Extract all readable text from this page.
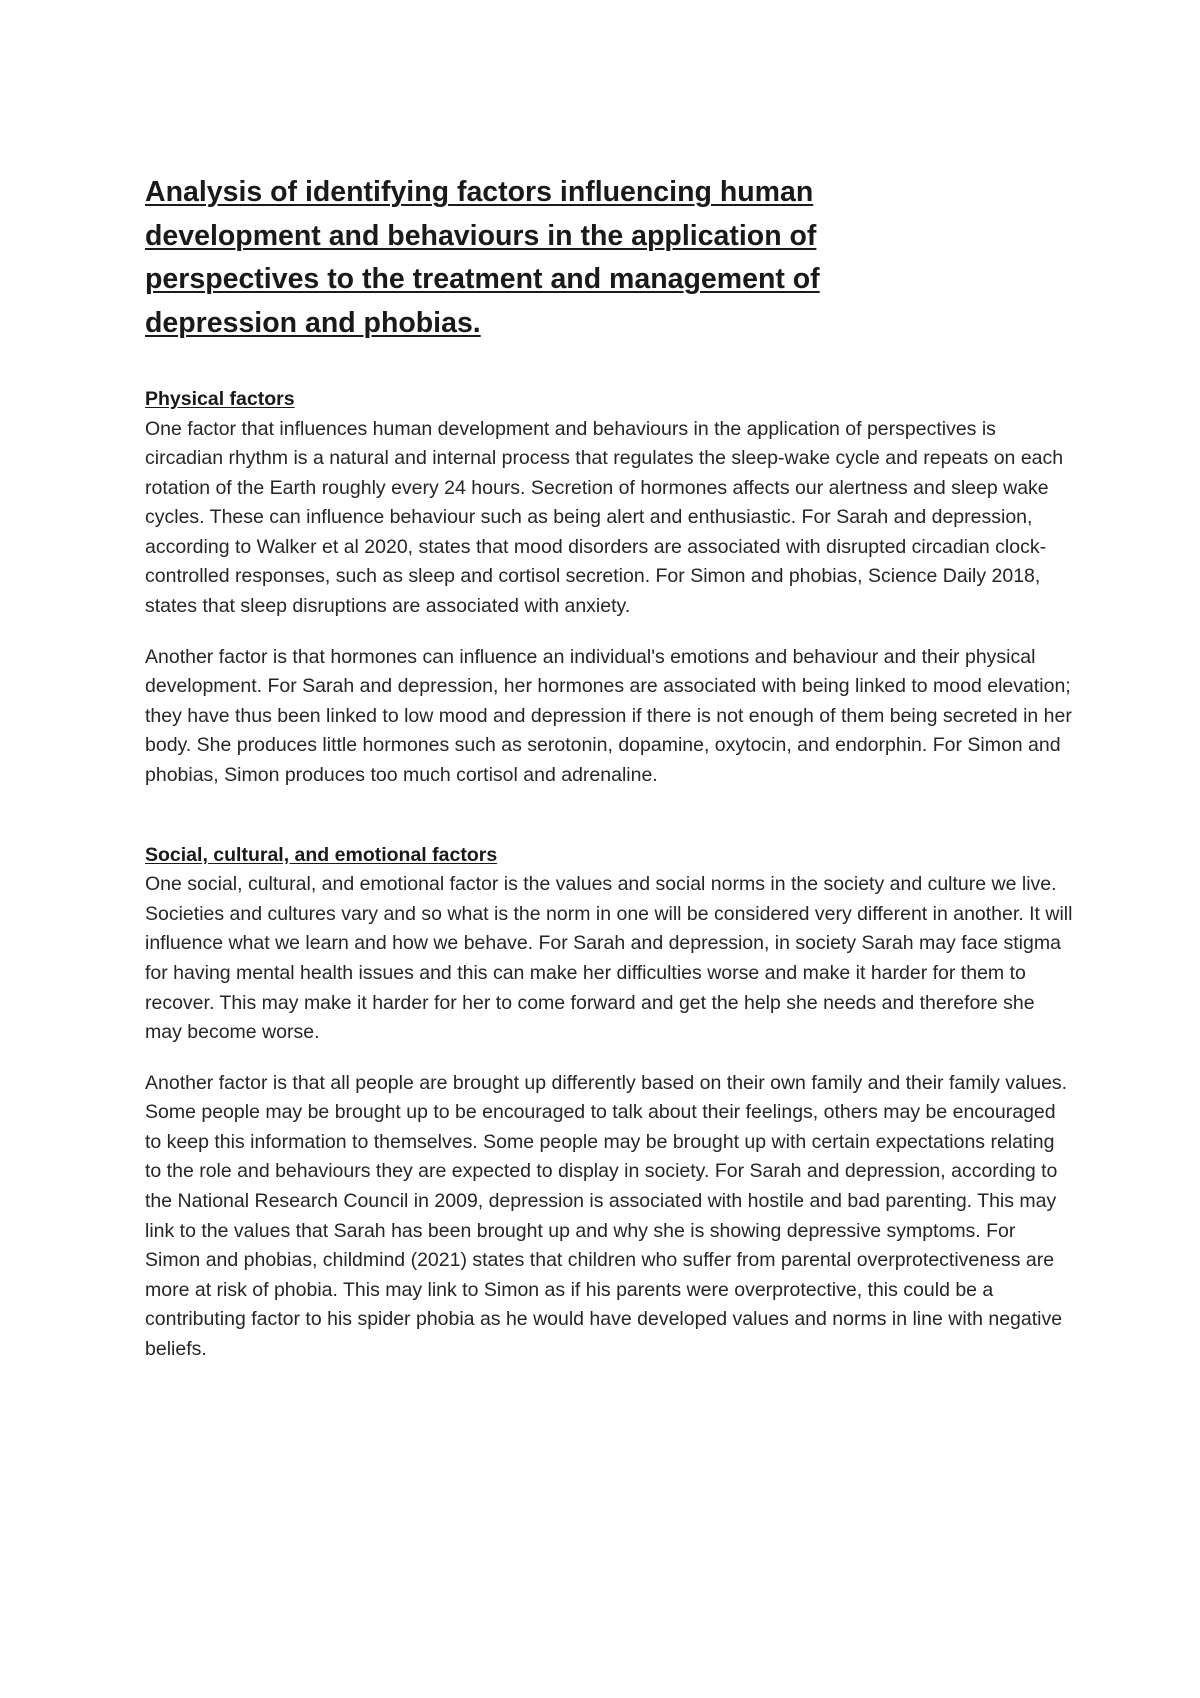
Analysis of identifying factors influencing human development and behaviours in the application of perspectives to the treatment and management of depression and phobias.
Physical factors

One factor that influences human development and behaviours in the application of perspectives is circadian rhythm is a natural and internal process that regulates the sleep-wake cycle and repeats on each rotation of the Earth roughly every 24 hours. Secretion of hormones affects our alertness and sleep wake cycles. These can influence behaviour such as being alert and enthusiastic. For Sarah and depression, according to Walker et al 2020, states that mood disorders are associated with disrupted circadian clock- controlled responses, such as sleep and cortisol secretion. For Simon and phobias, Science Daily 2018, states that sleep disruptions are associated with anxiety.

Another factor is that hormones can influence an individual's emotions and behaviour and their physical development. For Sarah and depression, her hormones are associated with being linked to mood elevation; they have thus been linked to low mood and depression if there is not enough of them being secreted in her body. She produces little hormones such as serotonin, dopamine, oxytocin, and endorphin. For Simon and phobias, Simon produces too much cortisol and adrenaline.

Social, cultural, and emotional factors

One social, cultural, and emotional factor is the values and social norms in the society and culture we live. Societies and cultures vary and so what is the norm in one will be considered very different in another. It will influence what we learn and how we behave. For Sarah and depression, in society Sarah may face stigma for having mental health issues and this can make her difficulties worse and make it harder for them to recover. This may make it harder for her to come forward and get the help she needs and therefore she may become worse.

Another factor is that all people are brought up differently based on their own family and their family values. Some people may be brought up to be encouraged to talk about their feelings, others may be encouraged to keep this information to themselves. Some people may be brought up with certain expectations relating to the role and behaviours they are expected to display in society. For Sarah and depression, according to the National Research Council in 2009, depression is associated with hostile and bad parenting. This may link to the values that Sarah has been brought up and why she is showing depressive symptoms. For Simon and phobias, childmind (2021) states that children who suffer from parental overprotectiveness are more at risk of phobia. This may link to Simon as if his parents were overprotective, this could be a contributing factor to his spider phobia as he would have developed values and norms in line with negative beliefs.
